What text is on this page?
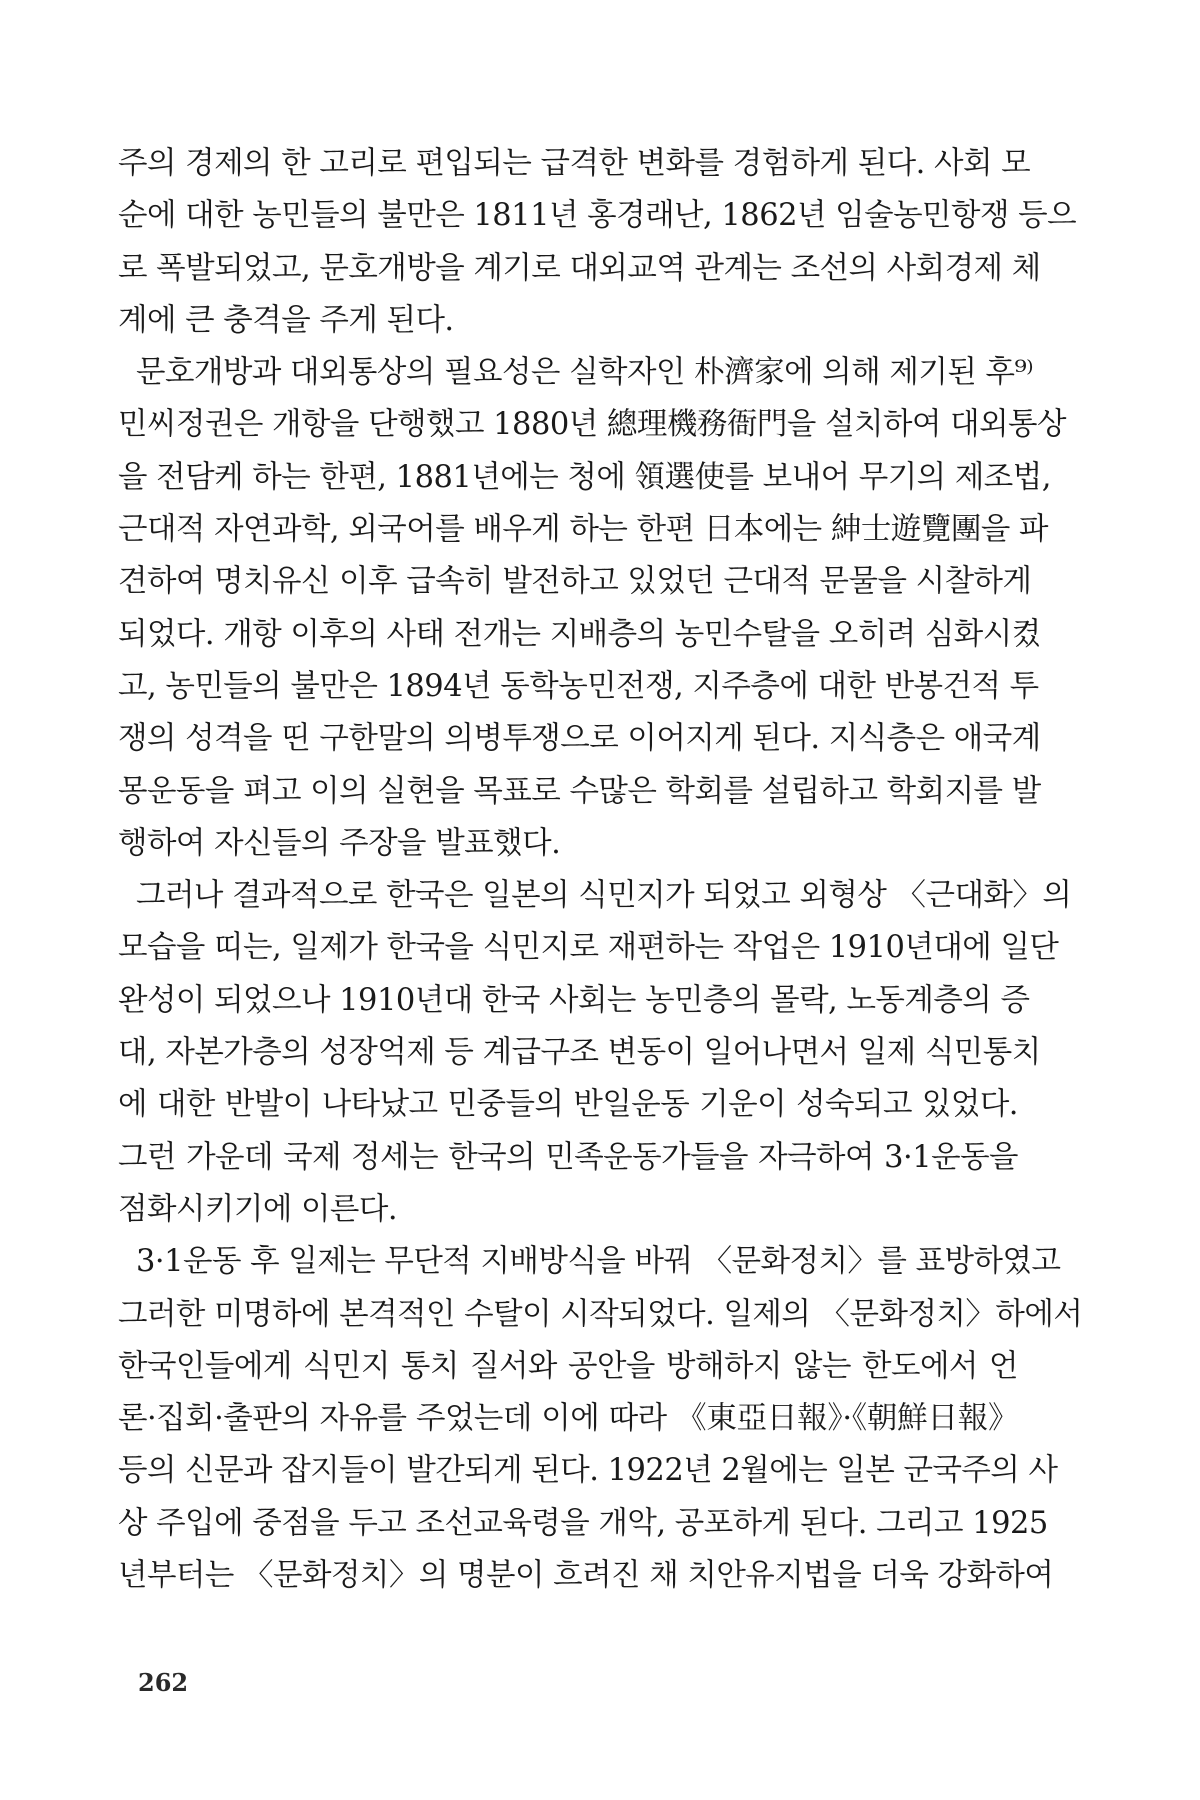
주의 경제의 한 고리로 편입되는 급격한 변화를 경험하게 된다. 사회 모
순에 대한 농민들의 불만은 1811년 홍경래난, 1862년 임술농민항쟁 등으
로 폭발되었고, 문호개방을 계기로 대외교역 관계는 조선의 사회경제 체
계에 큰 충격을 주게 된다.
문호개방과 대외통상의 필요성은 실학자인 朴濟家에 의해 제기된 후⁹⁾
민씨정권은 개항을 단행했고 1880년 總理機務衙門을 설치하여 대외통상
을 전담케 하는 한편, 1881년에는 청에 領選使를 보내어 무기의 제조법,
근대적 자연과학, 외국어를 배우게 하는 한편 日本에는 紳士遊覽團을 파
견하여 명치유신 이후 급속히 발전하고 있었던 근대적 문물을 시찰하게
되었다. 개항 이후의 사태 전개는 지배층의 농민수탈을 오히려 심화시켰
고, 농민들의 불만은 1894년 동학농민전쟁, 지주층에 대한 반봉건적 투
쟁의 성격을 띤 구한말의 의병투쟁으로 이어지게 된다. 지식층은 애국계
몽운동을 펴고 이의 실현을 목표로 수많은 학회를 설립하고 학회지를 발
행하여 자신들의 주장을 발표했다.
그러나 결과적으로 한국은 일본의 식민지가 되었고 외형상 〈근대화〉의
모습을 띠는, 일제가 한국을 식민지로 재편하는 작업은 1910년대에 일단
완성이 되었으나 1910년대 한국 사회는 농민층의 몰락, 노동계층의 증
대, 자본가층의 성장억제 등 계급구조 변동이 일어나면서 일제 식민통치
에 대한 반발이 나타났고 민중들의 반일운동 기운이 성숙되고 있었다.
그런 가운데 국제 정세는 한국의 민족운동가들을 자극하여 3·1운동을
점화시키기에 이른다.
3·1운동 후 일제는 무단적 지배방식을 바꿔 〈문화정치〉를 표방하였고
그러한 미명하에 본격적인 수탈이 시작되었다. 일제의 〈문화정치〉하에서
한국인들에게 식민지 통치 질서와 공안을 방해하지 않는 한도에서 언
론·집회·출판의 자유를 주었는데 이에 따라 《東亞日報》·《朝鮮日報》
등의 신문과 잡지들이 발간되게 된다. 1922년 2월에는 일본 군국주의 사
상 주입에 중점을 두고 조선교육령을 개악, 공포하게 된다. 그리고 1925
년부터는 〈문화정치〉의 명분이 흐려진 채 치안유지법을 더욱 강화하여
262
